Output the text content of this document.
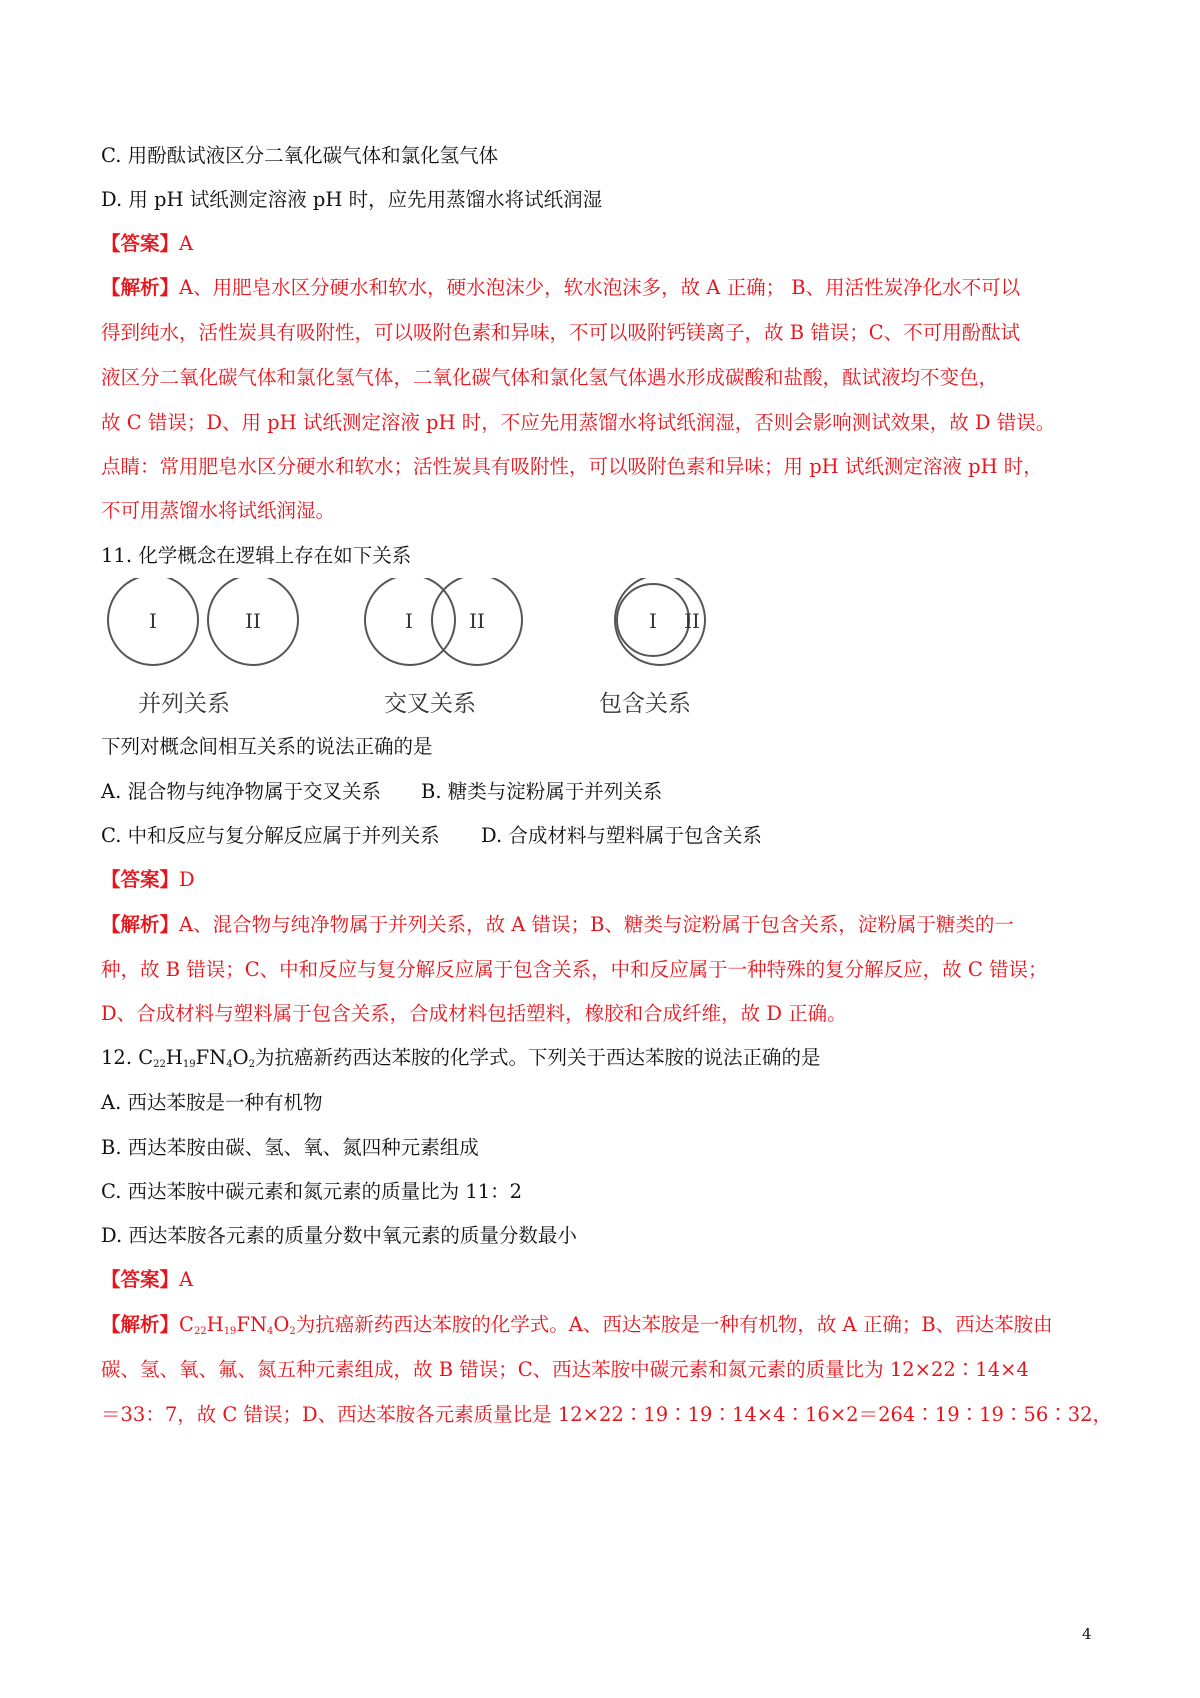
C. 用酚酞试液区分二氧化碳气体和氯化氢气体
D. 用 pH 试纸测定溶液 pH 时，应先用蒸馏水将试纸润湿
【答案】A
【解析】A、用肥皂水区分硬水和软水，硬水泡沫少，软水泡沫多，故 A 正确； B、用活性炭净化水不可以
得到纯水，活性炭具有吸附性，可以吸附色素和异味，不可以吸附钙镁离子，故 B 错误；C、不可用酚酞试
液区分二氧化碳气体和氯化氢气体，二氧化碳气体和氯化氢气体遇水形成碳酸和盐酸，酞试液均不变色，
故 C 错误；D、用 pH 试纸测定溶液 pH 时，不应先用蒸馏水将试纸润湿，否则会影响测试效果，故 D 错误。
点睛：常用肥皂水区分硬水和软水；活性炭具有吸附性，可以吸附色素和异味；用 pH 试纸测定溶液 pH 时，
不可用蒸馏水将试纸润湿。
11. 化学概念在逻辑上存在如下关系
I	II	I	II	I II
并列关系	交叉关系	包含关系
下列对概念间相互关系的说法正确的是
A. 混合物与纯净物属于交叉关系 B. 糖类与淀粉属于并列关系
C. 中和反应与复分解反应属于并列关系 D. 合成材料与塑料属于包含关系
【答案】D
【解析】A、混合物与纯净物属于并列关系，故 A 错误；B、糖类与淀粉属于包含关系，淀粉属于糖类的一
种，故 B 错误；C、中和反应与复分解反应属于包含关系，中和反应属于一种特殊的复分解反应，故 C 错误；
D、合成材料与塑料属于包含关系，合成材料包括塑料，橡胶和合成纤维，故 D 正确。
12. $C_{22}H_{19}FN_4O_2$为抗癌新药西达苯胺的化学式。下列关于西达苯胺的说法正确的是
A. 西达苯胺是一种有机物
B. 西达苯胺由碳、氢、氧、氮四种元素组成
C. 西达苯胺中碳元素和氮元素的质量比为 11：2
D. 西达苯胺各元素的质量分数中氧元素的质量分数最小
【答案】A
【解析】$C_{22}H_{19}FN_4O_2$为抗癌新药西达苯胺的化学式。A、西达苯胺是一种有机物，故 A 正确；B、西达苯胺由
碳、氢、氧、氟、氮五种元素组成，故 B 错误；C、西达苯胺中碳元素和氮元素的质量比为 12×22∶14×4
＝33：7，故 C 错误；D、西达苯胺各元素质量比是 12×22∶19∶19∶14×4∶16×2＝264∶19∶19∶56∶32，
4
